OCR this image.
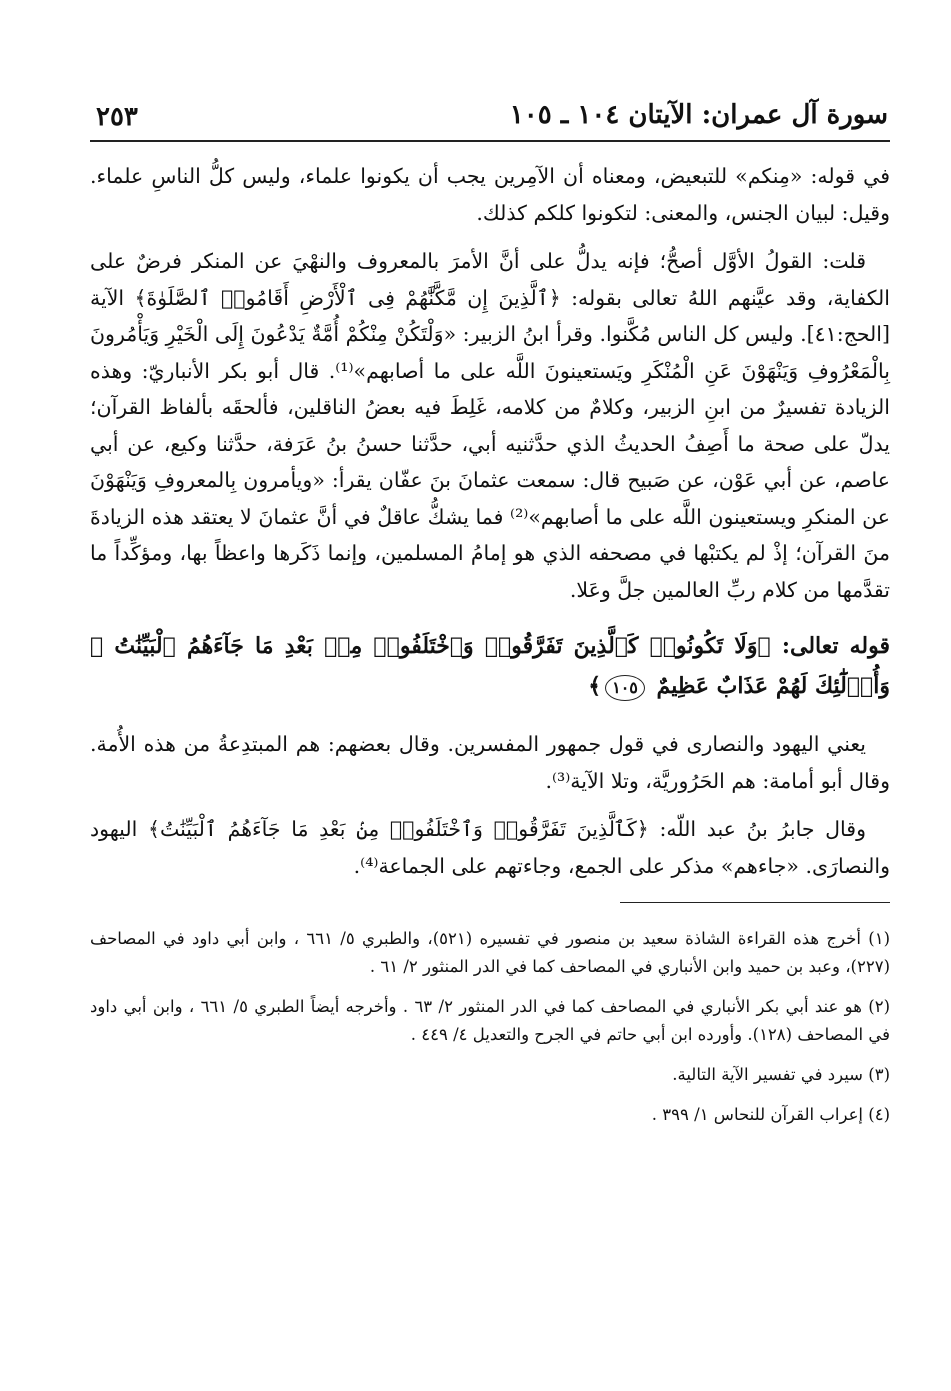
سورة آل عمران: الآيتان ١٠٤ ـ ١٠٥
٢٥٣

في قوله: «مِنكم» للتبعيض، ومعناه أن الآمِرين يجب أن يكونوا علماء، وليس كلُّ الناسِ علماء. وقيل: لبيان الجنس، والمعنى: لتكونوا كلكم كذلك.

قلت: القولُ الأوَّل أصحُّ؛ فإنه يدلُّ على أنَّ الأمرَ بالمعروف والنهْيَ عن المنكر فرضٌ على الكفاية، وقد عيَّنهم اللهُ تعالى بقوله: ﴿ٱلَّذِينَ إِن مَّكَّنَّٰهُمْ فِى ٱلْأَرْضِ أَقَامُوا۟ ٱلصَّلَوٰةَ﴾ الآية [الحج:٤١]. وليس كل الناس مُكَّنوا. وقرأ ابنُ الزبير: «وَلْتَكُنْ مِنْكُمْ أُمَّةٌ يَدْعُونَ إِلَى الْخَيْرِ وَيَأْمُرونَ بِالْمَعْرُوفِ وَيَنْهَوْنَ عَنِ الْمُنْكَرِ ويَستعينونَ اللَّه على ما أصابهم»⁽¹⁾. قال أبو بكر الأنباريّ: وهذه الزيادة تفسيرٌ من ابنِ الزبير، وكلامٌ من كلامه، غَلِطَ فيه بعضُ الناقلين، فألحقَه بألفاظ القرآن؛ يدلّ على صحة ما أَصِفُ الحديثُ الذي حدَّثنيه أبي، حدَّثنا حسنُ بنُ عَرَفة، حدَّثنا وكيع، عن أبي عاصم، عن أبي عَوْن، عن صَبيح قال: سمعت عثمانَ بنَ عفّان يقرأ: «ويأمرون بِالمعروفِ وَيَنْهَوْنَ عن المنكرِ ويستعينون اللَّه على ما أصابهم»⁽²⁾ فما يشكُّ عاقلٌ في أنَّ عثمانَ لا يعتقد هذه الزيادةَ منَ القرآن؛ إذْ لم يكتبْها في مصحفه الذي هو إمامُ المسلمين، وإنما ذَكَرها واعظاً بها، ومؤكِّداً ما تقدَّمها من كلام ربِّ العالمين جلَّ وعَلا.

قوله تعالى: ﴿وَلَا تَكُونُوا۟ كَٱلَّذِينَ تَفَرَّقُوا۟ وَٱخْتَلَفُوا۟ مِنۢ بَعْدِ مَا جَآءَهُمُ ٱلْبَيِّنَٰتُ ۚ وَأُو۟لَٰٓئِكَ لَهُمْ عَذَابٌ عَظِيمٌ ١٠٥﴾

يعني اليهود والنصارى في قول جمهور المفسرين. وقال بعضهم: هم المبتدِعةُ من هذه الأُمة. وقال أبو أمامة: هم الحَرُوريَّة، وتلا الآية⁽³⁾.

وقال جابرُ بنُ عبد اللّه: ﴿كَٱلَّذِينَ تَفَرَّقُوا۟ وَٱخْتَلَفُوا۟ مِنۢ بَعْدِ مَا جَآءَهُمُ ٱلْبَيِّنَٰتُ﴾ اليهود والنصارَى. «جاءهم» مذكر على الجمع، وجاءتهم على الجماعة⁽⁴⁾.

(١) أخرج هذه القراءة الشاذة سعيد بن منصور في تفسيره (٥٢١)، والطبري ٥/ ٦٦١ ، وابن أبي داود في المصاحف (٢٢٧)، وعبد بن حميد وابن الأنباري في المصاحف كما في الدر المنثور ٢/ ٦١ .

(٢) هو عند أبي بكر الأنباري في المصاحف كما في الدر المنثور ٢/ ٦٣ . وأخرجه أيضاً الطبري ٥/ ٦٦١ ، وابن أبي داود في المصاحف (١٢٨). وأورده ابن أبي حاتم في الجرح والتعديل ٤/ ٤٤٩ .

(٣) سيرد في تفسير الآية التالية.

(٤) إعراب القرآن للنحاس ١/ ٣٩٩ .
